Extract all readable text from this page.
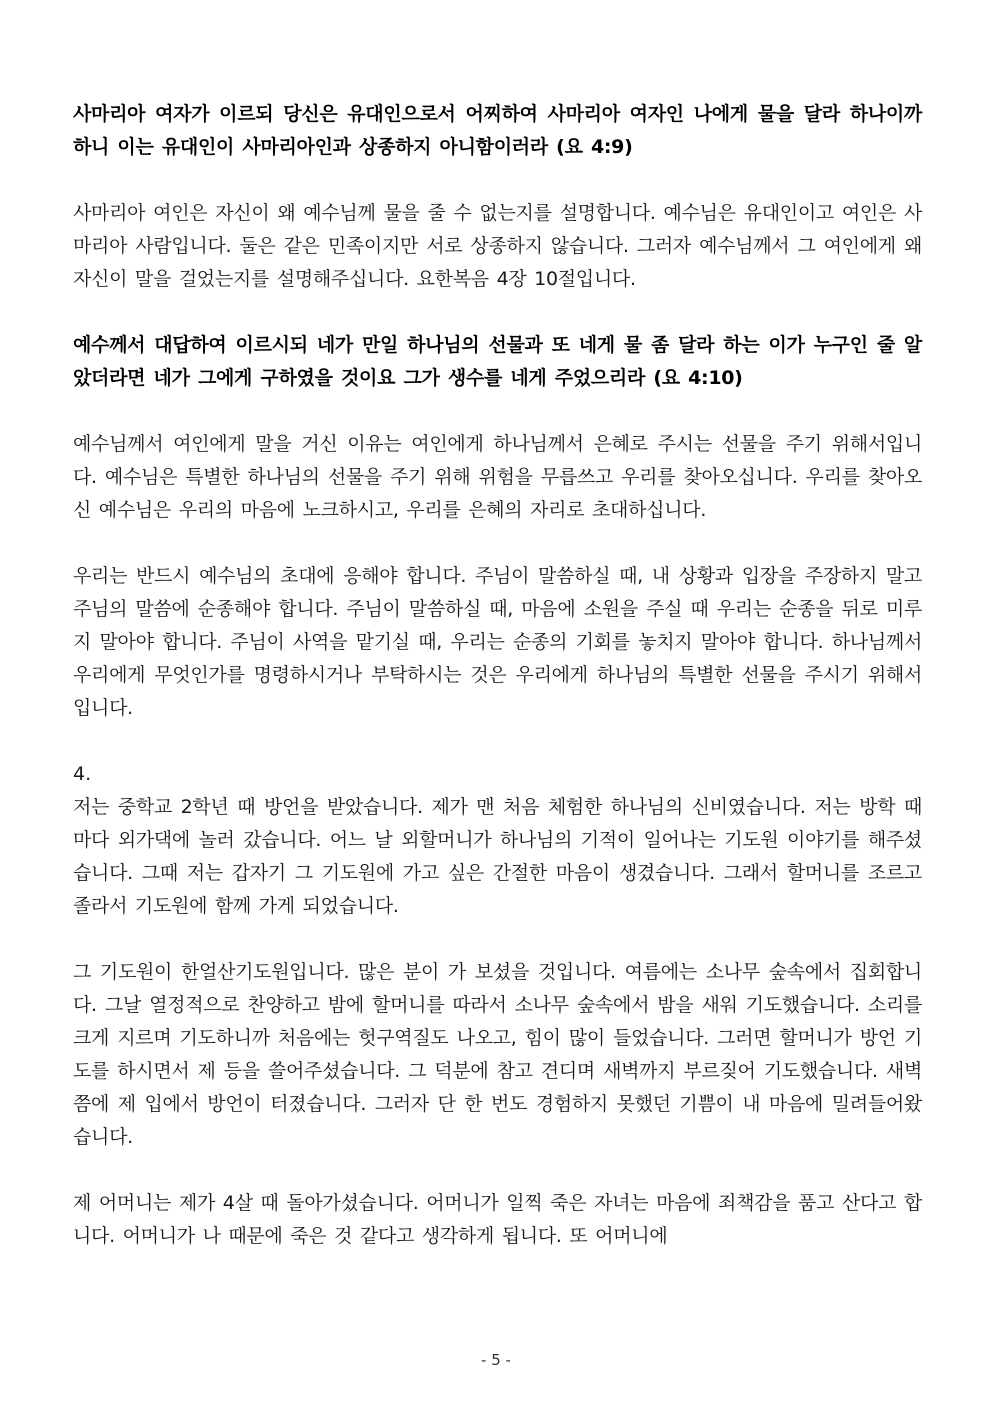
사마리아 여자가 이르되 당신은 유대인으로서 어찌하여 사마리아 여자인 나에게 물을 달라 하나이까 하니 이는 유대인이 사마리아인과 상종하지 아니함이러라 (요 4:9)

사마리아 여인은 자신이 왜 예수님께 물을 줄 수 없는지를 설명합니다. 예수님은 유대인이고 여인은 사마리아 사람입니다. 둘은 같은 민족이지만 서로 상종하지 않습니다. 그러자 예수님께서 그 여인에게 왜 자신이 말을 걸었는지를 설명해주십니다. 요한복음 4장 10절입니다.

예수께서 대답하여 이르시되 네가 만일 하나님의 선물과 또 네게 물 좀 달라 하는 이가 누구인 줄 알았더라면 네가 그에게 구하였을 것이요 그가 생수를 네게 주었으리라 (요 4:10)

예수님께서 여인에게 말을 거신 이유는 여인에게 하나님께서 은혜로 주시는 선물을 주기 위해서입니다. 예수님은 특별한 하나님의 선물을 주기 위해 위험을 무릅쓰고 우리를 찾아오십니다. 우리를 찾아오신 예수님은 우리의 마음에 노크하시고, 우리를 은혜의 자리로 초대하십니다.

우리는 반드시 예수님의 초대에 응해야 합니다. 주님이 말씀하실 때, 내 상황과 입장을 주장하지 말고 주님의 말씀에 순종해야 합니다. 주님이 말씀하실 때, 마음에 소원을 주실 때 우리는 순종을 뒤로 미루지 말아야 합니다. 주님이 사역을 맡기실 때, 우리는 순종의 기회를 놓치지 말아야 합니다. 하나님께서 우리에게 무엇인가를 명령하시거나 부탁하시는 것은 우리에게 하나님의 특별한 선물을 주시기 위해서입니다.

4.

저는 중학교 2학년 때 방언을 받았습니다. 제가 맨 처음 체험한 하나님의 신비였습니다. 저는 방학 때마다 외가댁에 놀러 갔습니다. 어느 날 외할머니가 하나님의 기적이 일어나는 기도원 이야기를 해주셨습니다. 그때 저는 갑자기 그 기도원에 가고 싶은 간절한 마음이 생겼습니다. 그래서 할머니를 조르고 졸라서 기도원에 함께 가게 되었습니다.

그 기도원이 한얼산기도원입니다. 많은 분이 가 보셨을 것입니다. 여름에는 소나무 숲속에서 집회합니다. 그날 열정적으로 찬양하고 밤에 할머니를 따라서 소나무 숲속에서 밤을 새워 기도했습니다. 소리를 크게 지르며 기도하니까 처음에는 헛구역질도 나오고, 힘이 많이 들었습니다. 그러면 할머니가 방언 기도를 하시면서 제 등을 쓸어주셨습니다. 그 덕분에 참고 견디며 새벽까지 부르짖어 기도했습니다. 새벽쯤에 제 입에서 방언이 터졌습니다. 그러자 단 한 번도 경험하지 못했던 기쁨이 내 마음에 밀려들어왔습니다.

제 어머니는 제가 4살 때 돌아가셨습니다. 어머니가 일찍 죽은 자녀는 마음에 죄책감을 품고 산다고 합니다. 어머니가 나 때문에 죽은 것 같다고 생각하게 됩니다. 또 어머니에

- 5 -
